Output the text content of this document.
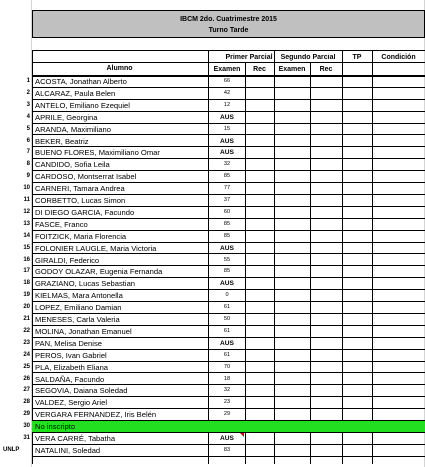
IBCM 2do. Cuatrimestre 2015
Turno Tarde
Alumno
Primer Parcial	Segundo Parcial	TP	Condición
Examen	Rec	Examen	Rec
1 ACOSTA, Jonathan Alberto	66
2 ALCARAZ, Paula Belen	42
3 ANTELO, Emiliano Ezequiel	12
4 APRILE, Georgina	AUS
5 ARANDA, Maximiliano	15
6 BEKER, Beatriz	AUS
7 BUENO FLORES, Maximiliano Omar	AUS
8 CANDIDO, Sofia Leila	32
9 CARDOSO, Montserrat Isabel	85
10 CARNERI, Tamara Andrea	77
11 CORBETTO, Lucas Simon	37
12 DI DIEGO GARCIA, Facundo	60
13 FASCE, Franco	85
14 FOITZICK, Maria Florencia	85
15 FOLONIER LAUGLE, Maria Victoria	AUS
16 GIRALDI, Federico	55
17 GODOY OLAZAR, Eugenia Fernanda	85
18 GRAZIANO, Lucas Sebastian	AUS
19 KIELMAS, Mara Antonella	0
20 LOPEZ, Emiliano Damian	61
21 MENESES, Carla Valeria	50
22 MOLINA, Jonathan Emanuel	61
23 PAN, Melisa Denise	AUS
24 PEROS, Ivan Gabriel	61
25 PLA, Elizabeth Eliana	70
26 SALDAÑA, Facundo	18
27 SEGOVIA, Daiana Soledad	32
28 VALDEZ, Sergio Ariel	23
29 VERGARA FERNANDEZ, Iris Belén	29
30 No inscripto
31 VERA CARRÉ, Tabatha	AUS
UNLP	NATALINI, Soledad	83
